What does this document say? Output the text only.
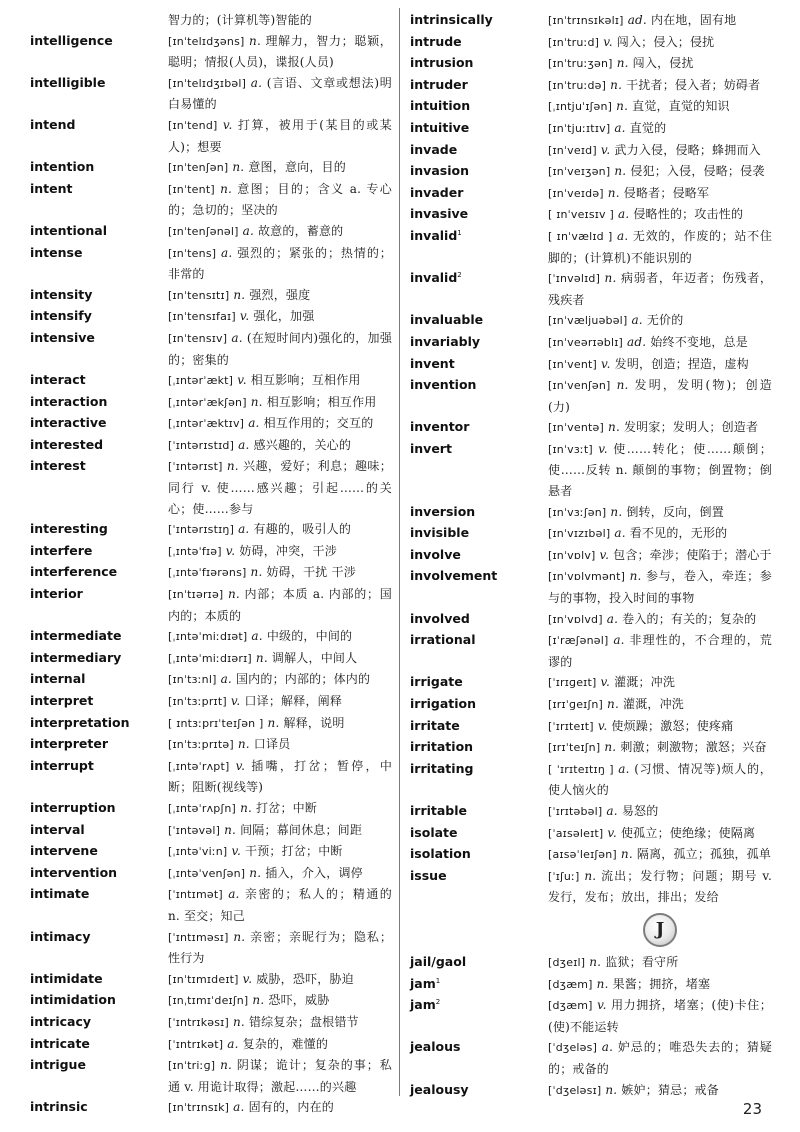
智力的；(计算机等)智能的
intelligence	[ɪnˈtelɪdʒəns] n. 理解力，智力；聪颖，聪明；情报(人员)，谍报(人员)
intelligible	[ɪnˈtelɪdʒɪbəl] a. (言语、文章或想法)明白易懂的
intend	[ɪnˈtend] v. 打算，被用于(某目的或某人)；想要
intention	[ɪnˈtenʃən] n. 意图，意向，目的
intent	[ɪnˈtent] n. 意图；目的；含义 a. 专心的；急切的；坚决的
intentional	[ɪnˈtenʃənəl] a. 故意的，蓄意的
intense	[ɪnˈtens] a. 强烈的；紧张的；热情的；非常的
intensity	[ɪnˈtensɪtɪ] n. 强烈，强度
intensify	[ɪnˈtensɪfaɪ] v. 强化，加强
intensive	[ɪnˈtensɪv] a. (在短时间内)强化的，加强的；密集的
interact	[ˌɪntərˈækt] v. 相互影响；互相作用
interaction	[ˌɪntərˈækʃən] n. 相互影响；相互作用
interactive	[ˌɪntərˈæktɪv] a. 相互作用的；交互的
interested	[ˈɪntərɪstɪd] a. 感兴趣的，关心的
interest	[ˈɪntərɪst] n. 兴趣，爱好；利息；趣味；同行 v. 使……感兴趣；引起……的关心；使……参与
interesting	[ˈɪntərɪstɪŋ] a. 有趣的，吸引人的
interfere	[ˌɪntəˈfɪə] v. 妨碍，冲突，干涉
interference	[ˌɪntəˈfɪərəns] n. 妨碍，干扰 干涉
interior	[ɪnˈtɪərɪə] n. 内部；本质 a. 内部的；国内的；本质的
intermediate	[ˌɪntəˈmiːdɪət] a. 中级的，中间的
intermediary	[ˌɪntəˈmiːdɪərɪ] n. 调解人，中间人
internal	[ɪnˈtɜːnl] a. 国内的；内部的；体内的
interpret	[ɪnˈtɜːprɪt] v. 口译；解释，阐释
interpretation	[ ɪntɜːprɪˈteɪʃən ] n. 解释，说明
interpreter	[ɪnˈtɜːprɪtə] n. 口译员
interrupt	[ˌɪntəˈrʌpt] v. 插嘴，打岔；暂停，中断；阻断(视线等)
interruption	[ˌɪntəˈrʌpʃn] n. 打岔；中断
interval	[ˈɪntəvəl] n. 间隔；幕间休息；间距
intervene	[ˌɪntəˈviːn] v. 干预；打岔；中断
intervention	[ˌɪntəˈvenʃən] n. 插入，介入，调停
intimate	[ˈɪntɪmət] a. 亲密的；私人的；精通的 n. 至交；知己
intimacy	[ˈɪntɪməsɪ] n. 亲密；亲昵行为；隐私；性行为
intimidate	[ɪnˈtɪmɪdeɪt] v. 威胁，恐吓，胁迫
intimidation	[ɪnˌtɪmɪˈdeɪʃn] n. 恐吓，威胁
intricacy	[ˈɪntrɪkəsɪ] n. 错综复杂；盘根错节
intricate	[ˈɪntrɪkət] a. 复杂的，难懂的
intrigue	[ɪnˈtriːɡ] n. 阴谋；诡计；复杂的事；私通 v. 用诡计取得；激起……的兴趣
intrinsic	[ɪnˈtrɪnsɪk] a. 固有的，内在的
intrinsically	[ɪnˈtrɪnsɪkəlɪ] ad. 内在地，固有地
intrude	[ɪnˈtruːd] v. 闯入；侵入；侵扰
intrusion	[ɪnˈtruːʒən] n. 闯入，侵扰
intruder	[ɪnˈtruːdə] n. 干扰者；侵入者；妨碍者
intuition	[ˌɪntjuˈɪʃən] n. 直觉，直觉的知识
intuitive	[ɪnˈtjuːɪtɪv] a. 直觉的
invade	[ɪnˈveɪd] v. 武力入侵，侵略；蜂拥而入
invasion	[ɪnˈveɪʒən] n. 侵犯；入侵，侵略；侵袭
invader	[ɪnˈveɪdə] n. 侵略者；侵略军
invasive	[ ɪnˈveɪsɪv ] a. 侵略性的；攻击性的
invalid$^1$	[ ɪnˈvælɪd ] a. 无效的，作废的；站不住脚的；(计算机)不能识别的
invalid$^2$	[ˈɪnvəlɪd] n. 病弱者，年迈者；伤残者，残疾者
invaluable	[ɪnˈvæljuəbəl] a. 无价的
invariably	[ɪnˈveərɪəblɪ] ad. 始终不变地，总是
invent	[ɪnˈvent] v. 发明，创造；捏造，虚构
invention	[ɪnˈvenʃən] n. 发明，发明(物)；创造(力)
inventor	[ɪnˈventə] n. 发明家；发明人；创造者
invert	[ɪnˈvɜːt] v. 使……转化；使……颠倒；使……反转 n. 颠倒的事物；倒置物；倒悬者
inversion	[ɪnˈvɜːʃən] n. 倒转，反向，倒置
invisible	[ɪnˈvɪzɪbəl] a. 看不见的，无形的
involve	[ɪnˈvɒlv] v. 包含；牵涉；使陷于；潜心于
involvement	[ɪnˈvɒlvmənt] n. 参与，卷入，牵连；参与的事物，投入时间的事物
involved	[ɪnˈvɒlvd] a. 卷入的；有关的；复杂的
irrational	[ɪˈræʃənəl] a. 非理性的，不合理的，荒谬的
irrigate	[ˈɪrɪɡeɪt] v. 灌溉；冲洗
irrigation	[ɪrɪˈɡeɪʃn] n. 灌溉，冲洗
irritate	[ˈɪrɪteɪt] v. 使烦躁；激怒；使疼痛
irritation	[ɪrɪˈteɪʃn] n. 刺激；刺激物；激怒；兴奋
irritating	[ ˈɪrɪteɪtɪŋ ] a. (习惯、情况等)烦人的，使人恼火的
irritable	[ˈɪrɪtəbəl] a. 易怒的
isolate	[ˈaɪsəleɪt] v. 使孤立；使绝缘；使隔离
isolation	[aɪsəˈleɪʃən] n. 隔离，孤立；孤独，孤单
issue	[ˈɪʃuː] n. 流出；发行物；问题；期号 v. 发行，发布；放出，排出；发给
J
jail/gaol	[dʒeɪl] n. 监狱；看守所
jam$^1$	[dʒæm] n. 果酱；拥挤，堵塞
jam$^2$	[dʒæm] v. 用力拥挤，堵塞；(使)卡住；(使)不能运转
jealous	[ˈdʒeləs] a. 妒忌的；唯恐失去的；猜疑的；戒备的
jealousy	[ˈdʒeləsɪ] n. 嫉妒；猜忌；戒备
23
